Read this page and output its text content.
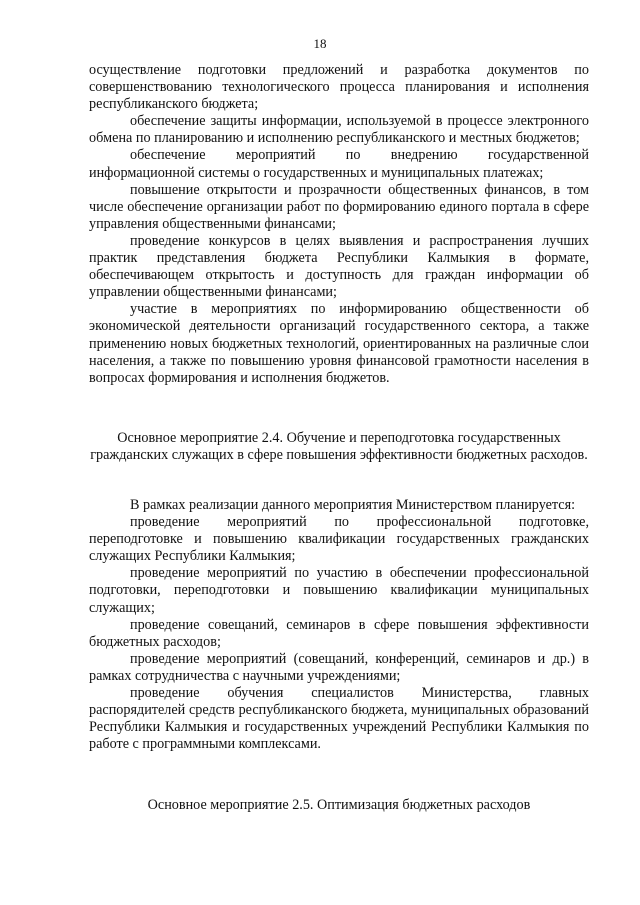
18

осуществление подготовки предложений и разработка документов по совершенствованию технологического процесса планирования и исполнения республиканского бюджета;

обеспечение защиты информации, используемой в процессе электронного обмена по планированию и исполнению республиканского и местных бюджетов;

обеспечение мероприятий по внедрению государственной информационной системы о государственных и муниципальных платежах;

повышение открытости и прозрачности общественных финансов, в том числе обеспечение организации работ по формированию единого портала в сфере управления общественными финансами;

проведение конкурсов в целях выявления и распространения лучших практик представления бюджета Республики Калмыкия в формате, обеспечивающем открытость и доступность для граждан информации об управлении общественными финансами;

участие в мероприятиях по информированию общественности об экономической деятельности организаций государственного сектора, а также применению новых бюджетных технологий, ориентированных на различные слои населения, а также по повышению уровня финансовой грамотности населения в вопросах формирования и исполнения бюджетов.

Основное мероприятие 2.4. Обучение и переподготовка государственных гражданских служащих в сфере повышения эффективности бюджетных расходов.

В рамках реализации данного мероприятия Министерством планируется:

проведение мероприятий по профессиональной подготовке, переподготовке и повышению квалификации государственных гражданских служащих Республики Калмыкия;

проведение мероприятий по участию в обеспечении профессиональной подготовки, переподготовки и повышению квалификации муниципальных служащих;

проведение совещаний, семинаров в сфере повышения эффективности бюджетных расходов;

проведение мероприятий (совещаний, конференций, семинаров и др.) в рамках сотрудничества с научными учреждениями;

проведение обучения специалистов Министерства, главных распорядителей средств республиканского бюджета, муниципальных образований Республики Калмыкия и государственных учреждений Республики Калмыкия по работе с программными комплексами.

Основное мероприятие 2.5. Оптимизация бюджетных расходов
